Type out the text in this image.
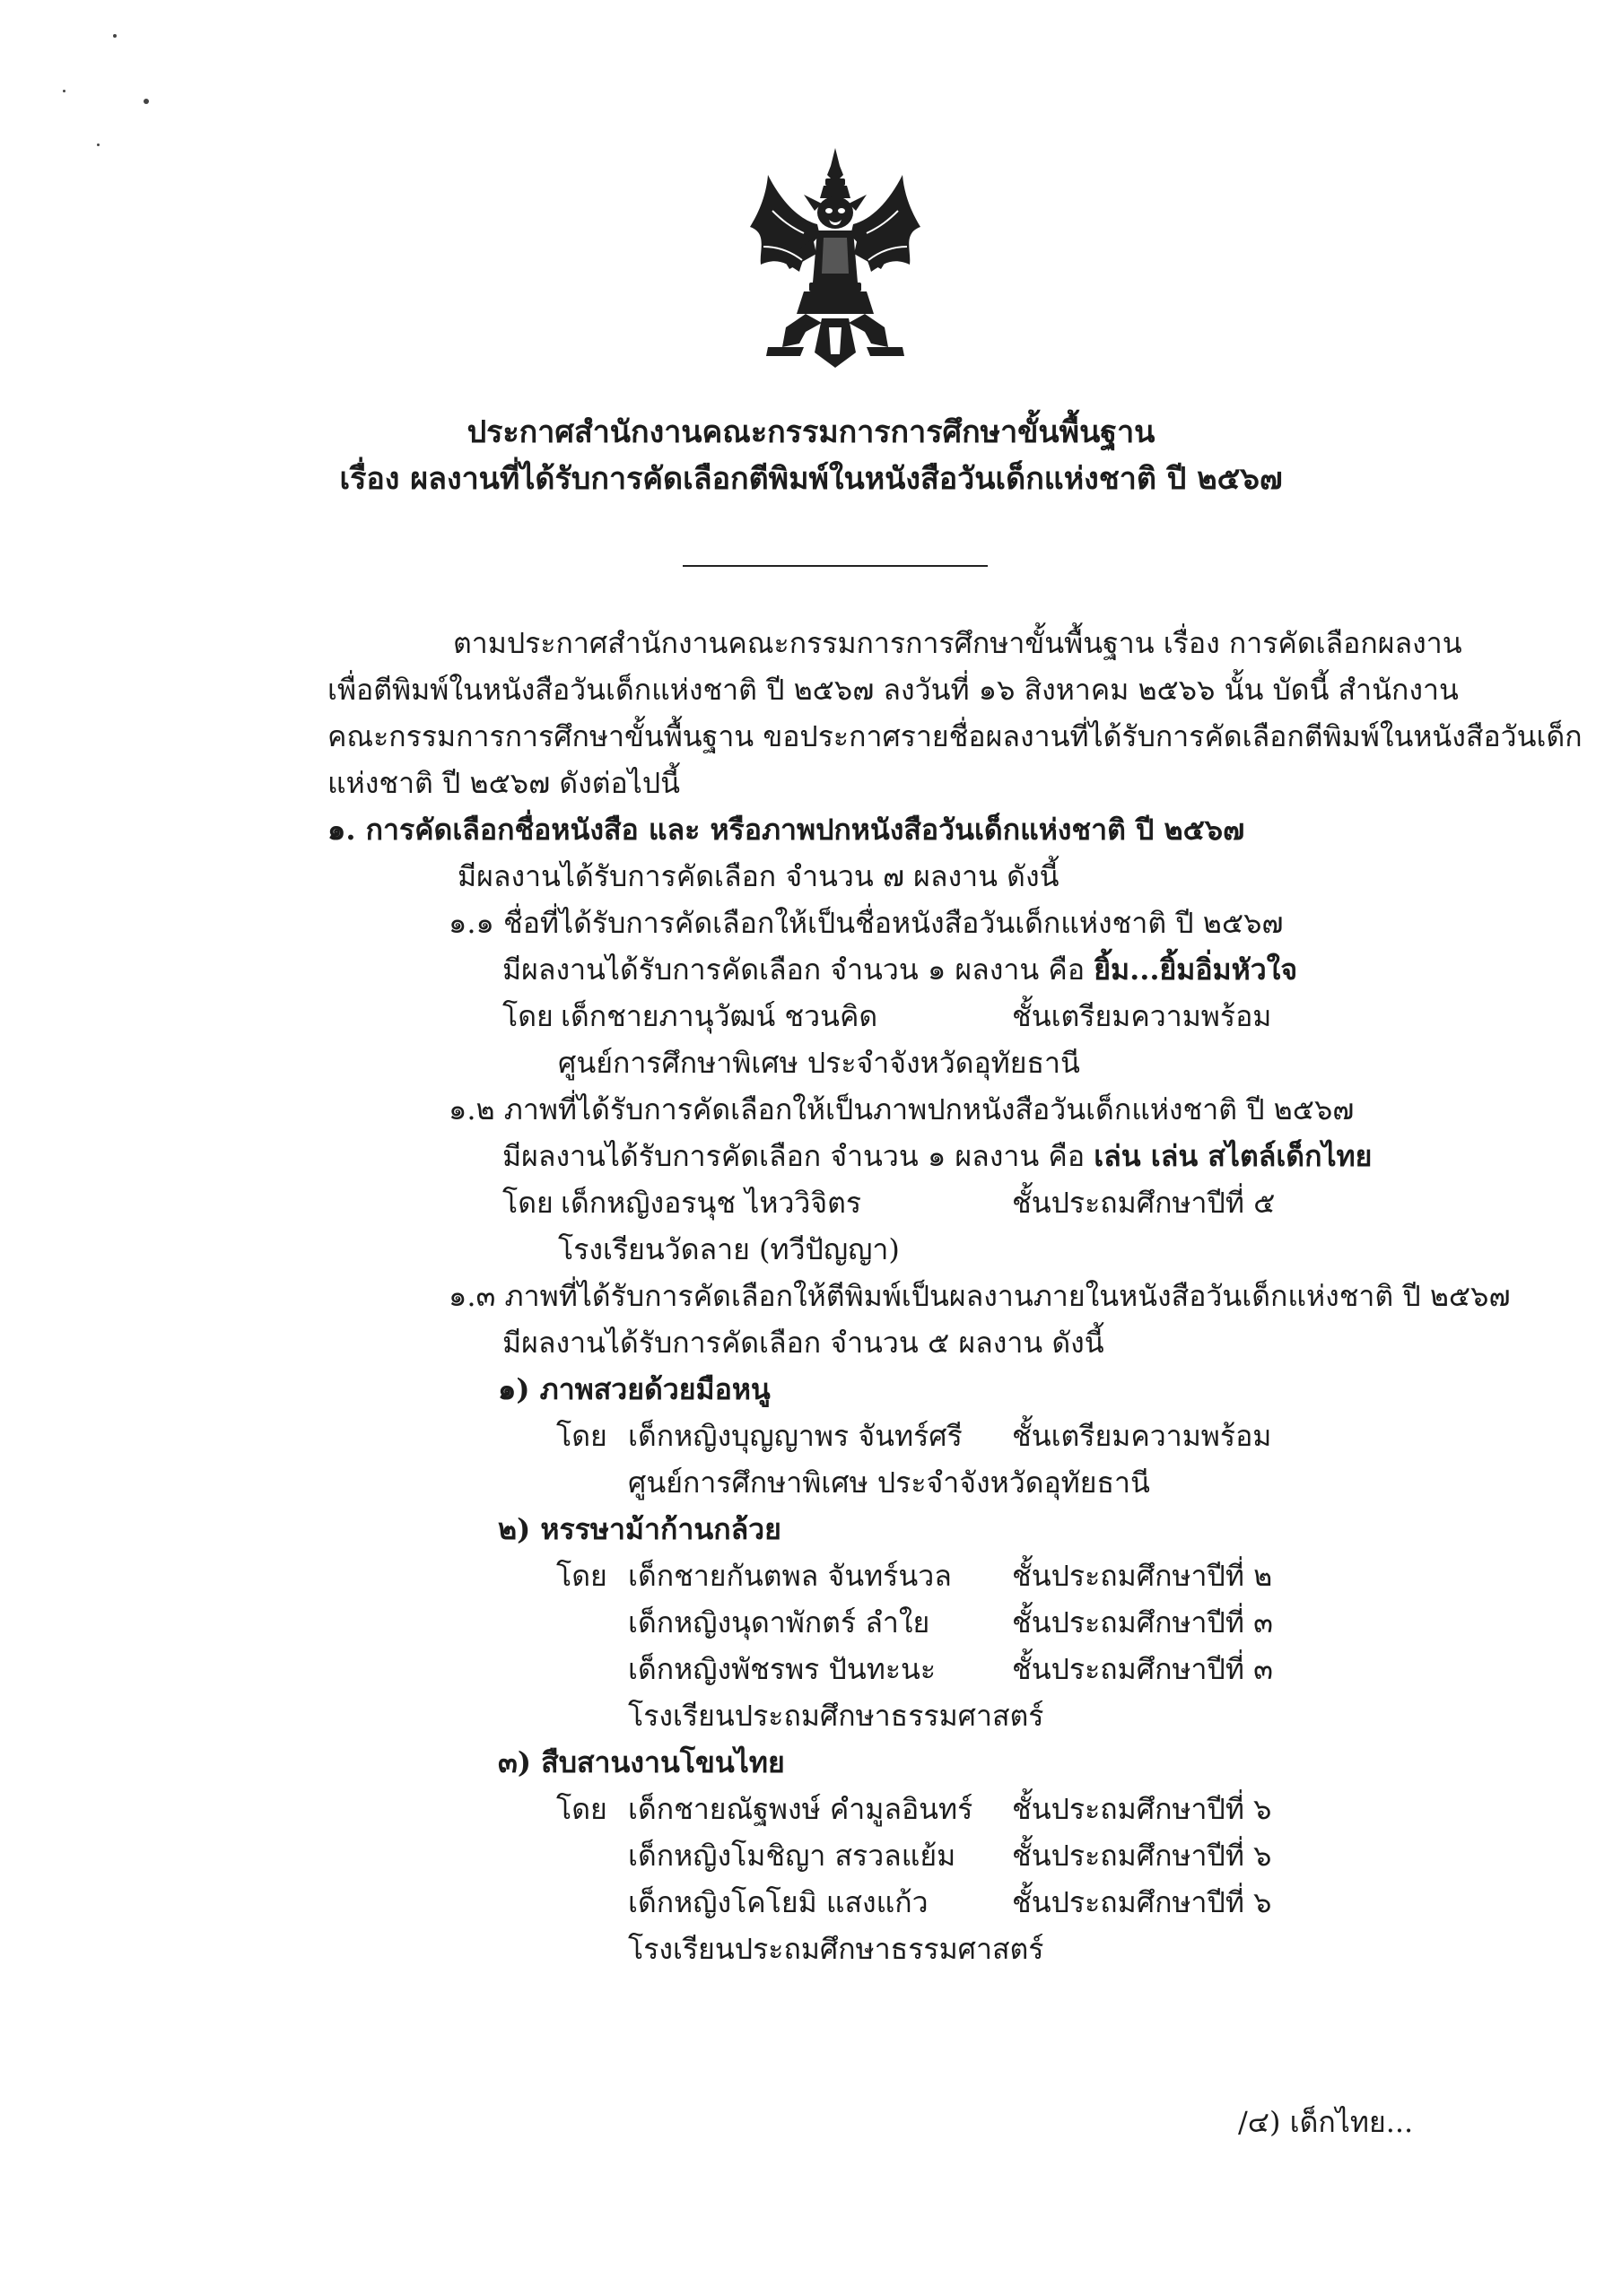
ประกาศสำนักงานคณะกรรมการการศึกษาขั้นพื้นฐาน
เรื่อง ผลงานที่ได้รับการคัดเลือกตีพิมพ์ในหนังสือวันเด็กแห่งชาติ ปี ๒๕๖๗
ตามประกาศสำนักงานคณะกรรมการการศึกษาขั้นพื้นฐาน เรื่อง การคัดเลือกผลงาน
เพื่อตีพิมพ์ในหนังสือวันเด็กแห่งชาติ ปี ๒๕๖๗ ลงวันที่ ๑๖ สิงหาคม ๒๕๖๖ นั้น บัดนี้ สำนักงาน
คณะกรรมการการศึกษาขั้นพื้นฐาน ขอประกาศรายชื่อผลงานที่ได้รับการคัดเลือกตีพิมพ์ในหนังสือวันเด็ก
แห่งชาติ ปี ๒๕๖๗ ดังต่อไปนี้
๑. การคัดเลือกชื่อหนังสือ และ หรือภาพปกหนังสือวันเด็กแห่งชาติ ปี ๒๕๖๗
มีผลงานได้รับการคัดเลือก จำนวน ๗ ผลงาน ดังนี้
๑.๑ ชื่อที่ได้รับการคัดเลือกให้เป็นชื่อหนังสือวันเด็กแห่งชาติ ปี ๒๕๖๗
มีผลงานได้รับการคัดเลือก จำนวน ๑ ผลงาน คือ ยิ้ม...ยิ้มอิ่มหัวใจ
โดย เด็กชายภานุวัฒน์ ชวนคิด	ชั้นเตรียมความพร้อม
ศูนย์การศึกษาพิเศษ ประจำจังหวัดอุทัยธานี
๑.๒ ภาพที่ได้รับการคัดเลือกให้เป็นภาพปกหนังสือวันเด็กแห่งชาติ ปี ๒๕๖๗
มีผลงานได้รับการคัดเลือก จำนวน ๑ ผลงาน คือ เล่น เล่น สไตล์เด็กไทย
โดย เด็กหญิงอรนุช ไหววิจิตร	ชั้นประถมศึกษาปีที่ ๕
โรงเรียนวัดลาย (ทวีปัญญา)
๑.๓ ภาพที่ได้รับการคัดเลือกให้ตีพิมพ์เป็นผลงานภายในหนังสือวันเด็กแห่งชาติ ปี ๒๕๖๗
มีผลงานได้รับการคัดเลือก จำนวน ๕ ผลงาน ดังนี้
๑) ภาพสวยด้วยมือหนู
โดย เด็กหญิงบุญญาพร จันทร์ศรี ชั้นเตรียมความพร้อม
ศูนย์การศึกษาพิเศษ ประจำจังหวัดอุทัยธานี
๒) หรรษาม้าก้านกล้วย
โดย เด็กชายกันตพล จันทร์นวล ชั้นประถมศึกษาปีที่ ๒
เด็กหญิงนุดาพักตร์ ลำใย	ชั้นประถมศึกษาปีที่ ๓
เด็กหญิงพัชรพร ปันทะนะ	ชั้นประถมศึกษาปีที่ ๓
โรงเรียนประถมศึกษาธรรมศาสตร์
๓) สืบสานงานโขนไทย
โดย เด็กชายณัฐพงษ์ คำมูลอินทร์ ชั้นประถมศึกษาปีที่ ๖
เด็กหญิงโมชิญา สรวลแย้ม ชั้นประถมศึกษาปีที่ ๖
เด็กหญิงโคโยมิ แสงแก้ว	ชั้นประถมศึกษาปีที่ ๖
โรงเรียนประถมศึกษาธรรมศาสตร์
/๔) เด็กไทย...
